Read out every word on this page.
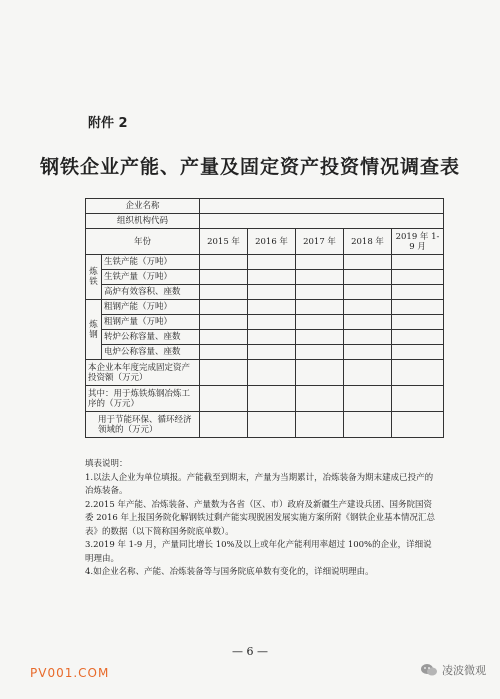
附件 2
钢铁企业产能、产量及固定资产投资情况调查表
企业名称						
组织机构代码						
年份		2015 年	2016 年	2017 年	2018 年	2019 年 1-9 月
炼铁	生铁产能（万吨）					
	生铁产量（万吨）					
	高炉有效容积、座数					
炼钢	粗钢产能（万吨）					
	粗钢产量（万吨）					
	转炉公称容量、座数					
	电炉公称容量、座数					
本企业本年度完成固定资产投资额（万元）						
其中：用于炼铁炼钢冶炼工序的（万元）						
用于节能环保、循环经济领域的（万元）						

填表说明：

1.以法人企业为单位填报。产能截至到期末，产量为当期累计，冶炼装备为期末建成已投产的冶炼装备。

2.2015 年产能、冶炼装备、产量数为各省（区、市）政府及新疆生产建设兵团、国务院国资委 2016 年上报国务院化解钢铁过剩产能实现脱困发展实施方案所附《钢铁企业基本情况汇总表》的数据（以下简称国务院底单数）。

3.2019 年 1-9 月，产量同比增长 10%及以上或年化产能利用率超过 100%的企业，详细说明理由。

4.如企业名称、产能、冶炼装备等与国务院底单数有变化的，详细说明理由。

— 6 —
PV001.COM	凌波微观
